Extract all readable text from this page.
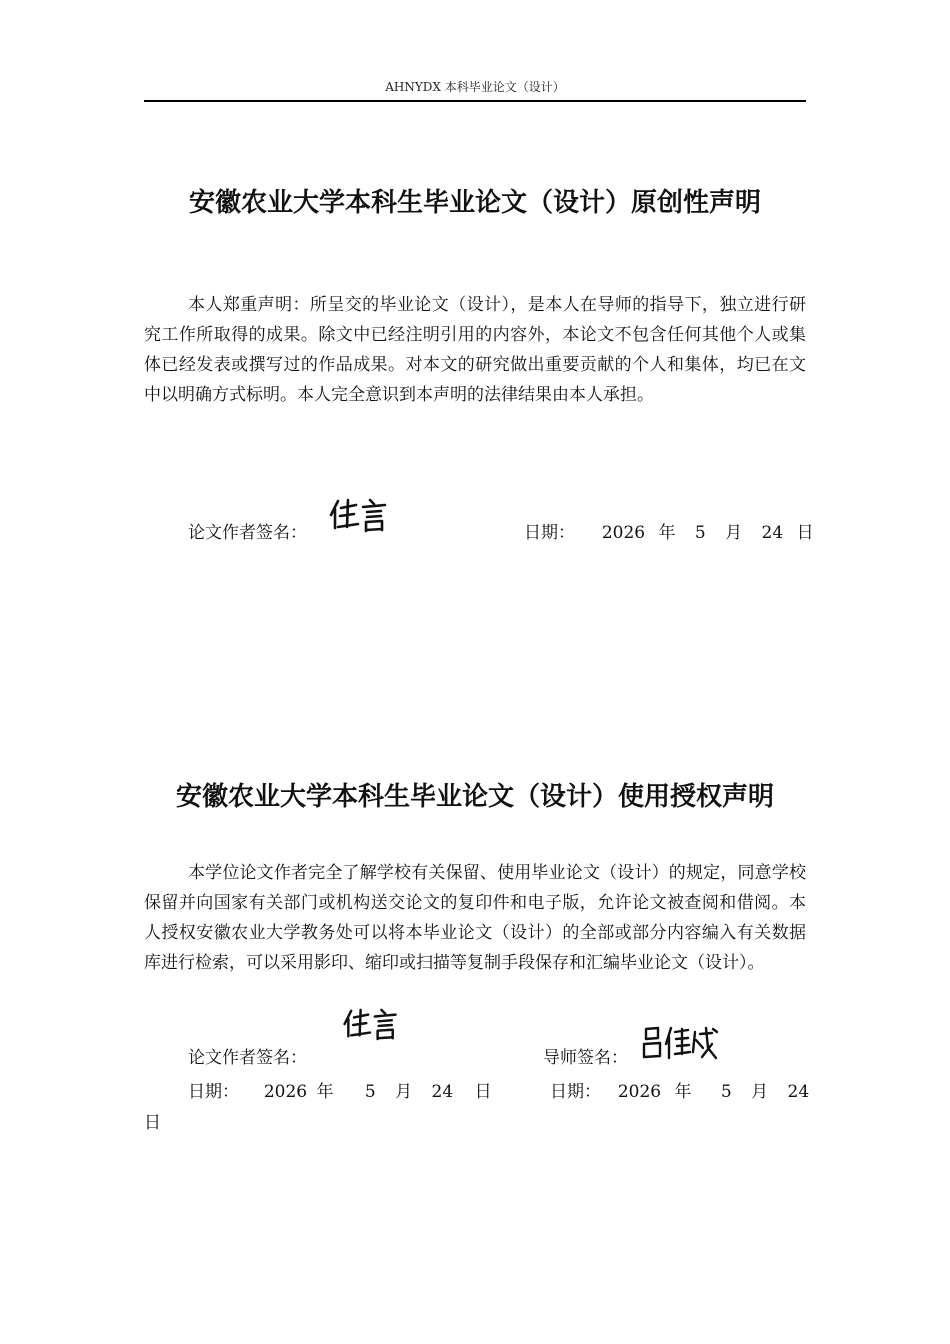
AHNYDX 本科毕业论文（设计）
安徽农业大学本科生毕业论文（设计）原创性声明
本人郑重声明：所呈交的毕业论文（设计），是本人在导师的指导下，独立进行研究工作所取得的成果。除文中已经注明引用的内容外，本论文不包含任何其他个人或集体已经发表或撰写过的作品成果。对本文的研究做出重要贡献的个人和集体，均已在文中以明确方式标明。本人完全意识到本声明的法律结果由本人承担。
论文作者签名：	日期： 2026 年 5 月 24 日
安徽农业大学本科生毕业论文（设计）使用授权声明
本学位论文作者完全了解学校有关保留、使用毕业论文（设计）的规定，同意学校保留并向国家有关部门或机构送交论文的复印件和电子版，允许论文被查阅和借阅。本人授权安徽农业大学教务处可以将本毕业论文（设计）的全部或部分内容编入有关数据库进行检索，可以采用影印、缩印或扫描等复制手段保存和汇编毕业论文（设计）。
论文作者签名：	导师签名：
日期： 2026 年 5 月 24 日	日期： 2026 年 5 月 24
日
